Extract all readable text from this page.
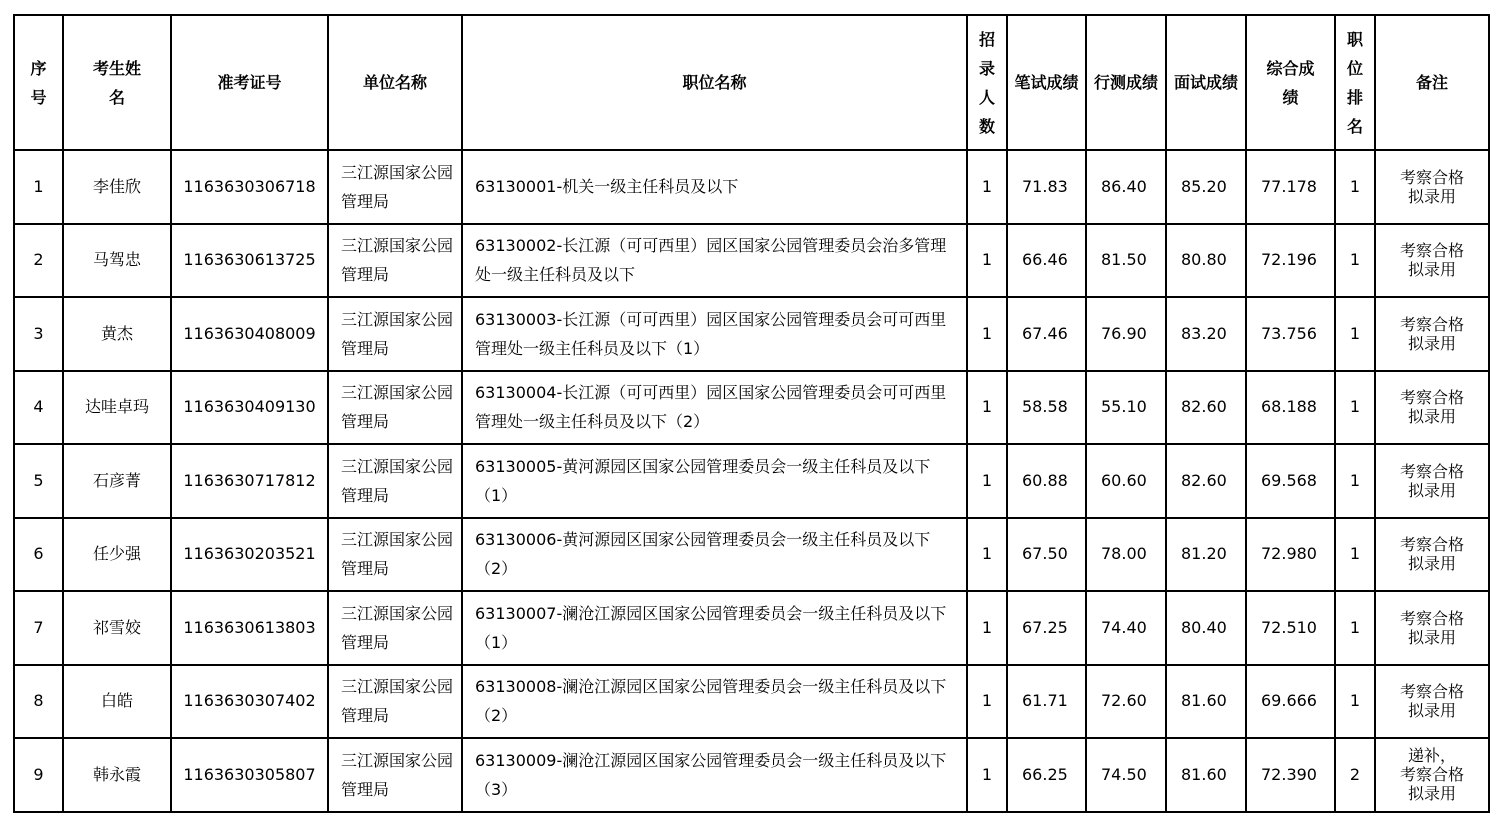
序号	考生姓名	准考证号	单位名称	职位名称	招录人数	笔试成绩	行测成绩	面试成绩	综合成绩	职位排名	备注
1	李佳欣	1163630306718	三江源国家公园管理局	63130001-机关一级主任科员及以下	1	71.83	86.40	85.20	77.178	1	考察合格
拟录用

2	马驾忠	1163630613725	三江源国家公园管理局	63130002-长江源（可可西里）园区国家公园管理委员会治多管理处一级主任科员及以下	1	66.46	81.50	80.80	72.196	1	考察合格
拟录用

3	黄杰	1163630408009	三江源国家公园管理局	63130003-长江源（可可西里）园区国家公园管理委员会可可西里管理处一级主任科员及以下（1）	1	67.46	76.90	83.20	73.756	1	考察合格
拟录用

4	达哇卓玛	1163630409130	三江源国家公园管理局	63130004-长江源（可可西里）园区国家公园管理委员会可可西里管理处一级主任科员及以下（2）	1	58.58	55.10	82.60	68.188	1	考察合格
拟录用

5	石彦菁	1163630717812	三江源国家公园管理局	63130005-黄河源园区国家公园管理委员会一级主任科员及以下（1）	1	60.88	60.60	82.60	69.568	1	考察合格
拟录用

6	任少强	1163630203521	三江源国家公园管理局	63130006-黄河源园区国家公园管理委员会一级主任科员及以下（2）	1	67.50	78.00	81.20	72.980	1	考察合格
拟录用

7	祁雪姣	1163630613803	三江源国家公园管理局	63130007-澜沧江源园区国家公园管理委员会一级主任科员及以下（1）	1	67.25	74.40	80.40	72.510	1	考察合格
拟录用

8	白皓	1163630307402	三江源国家公园管理局	63130008-澜沧江源园区国家公园管理委员会一级主任科员及以下（2）	1	61.71	72.60	81.60	69.666	1	考察合格
拟录用

9	韩永霞	1163630305807	三江源国家公园管理局	63130009-澜沧江源园区国家公园管理委员会一级主任科员及以下（3）	1	66.25	74.50	81.60	72.390	2	递补，
考察合格
拟录用
